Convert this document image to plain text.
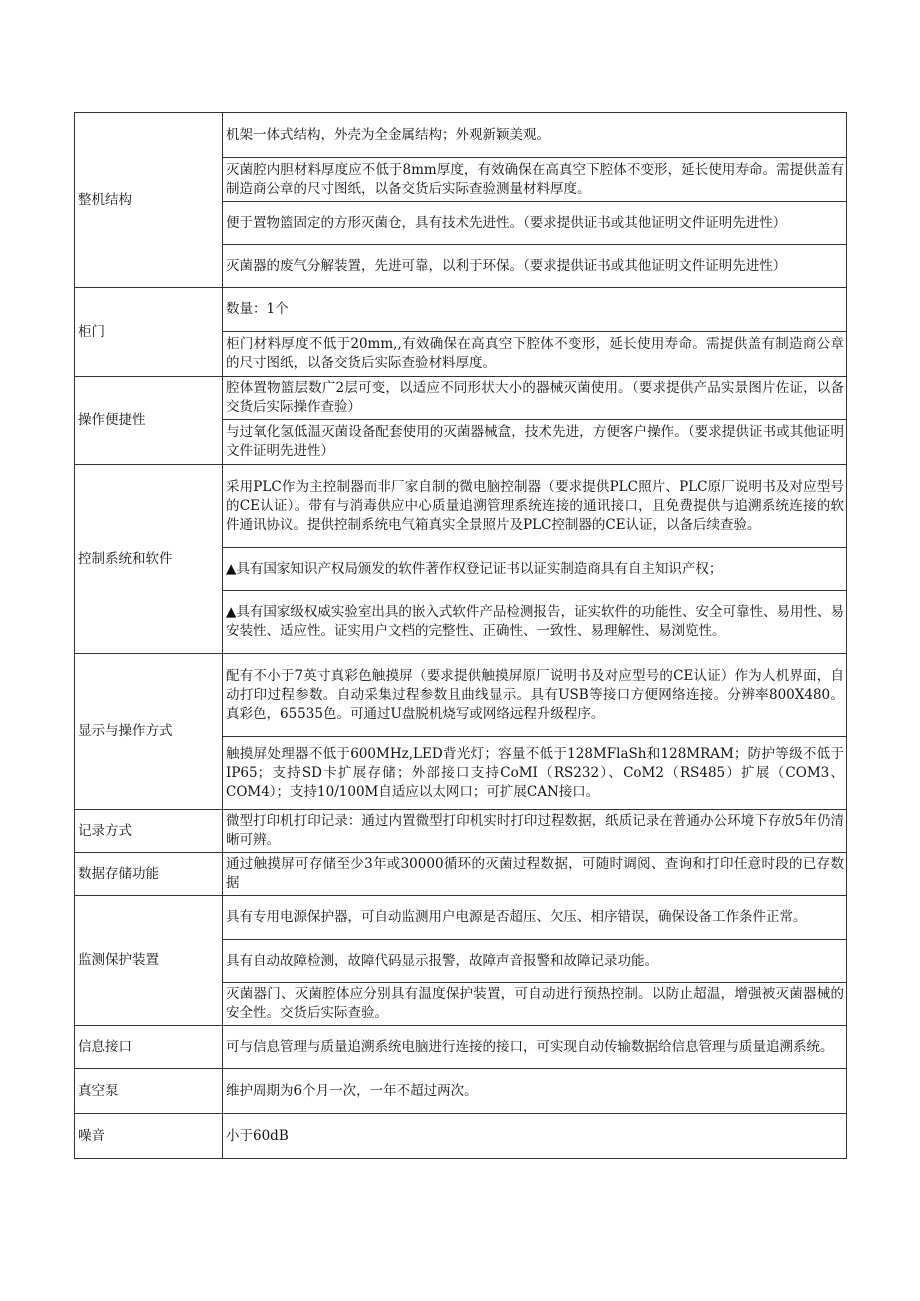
整机结构	机架一体式结构，外壳为全金属结构；外观新颖美观。
	灭菌腔内胆材料厚度应不低于8mm厚度，有效确保在高真空下腔体不变形，延长使用寿命。需提供盖有制造商公章的尺寸图纸，以备交货后实际查验测量材料厚度。
	便于置物篮固定的方形灭菌仓，具有技术先进性。（要求提供证书或其他证明文件证明先进性）
	灭菌器的废气分解装置，先进可靠，以利于环保。（要求提供证书或其他证明文件证明先进性）
柜门	数量：1个
	柜门材料厚度不低于20mm,,有效确保在高真空下腔体不变形，延长使用寿命。需提供盖有制造商公章的尺寸图纸，以备交货后实际查验材料厚度。
操作便捷性	腔体置物篮层数广2层可变，以适应不同形状大小的器械灭菌使用。（要求提供产品实景图片佐证，以备交货后实际操作查验）
	与过氧化氢低温灭菌设备配套使用的灭菌器械盒，技术先进，方便客户操作。（要求提供证书或其他证明文件证明先进性）
控制系统和软件	采用PLC作为主控制器而非厂家自制的微电脑控制器（要求提供PLC照片、PLC原厂说明书及对应型号的CE认证）。带有与消毒供应中心质量追溯管理系统连接的通讯接口，且免费提供与追溯系统连接的软件通讯协议。提供控制系统电气箱真实全景照片及PLC控制器的CE认证，以备后续查验。
	▲具有国家知识产权局颁发的软件著作权登记证书以证实制造商具有自主知识产权；
	▲具有国家级权威实验室出具的嵌入式软件产品检测报告，证实软件的功能性、安全可靠性、易用性、易安装性、适应性。证实用户文档的完整性、正确性、一致性、易理解性、易浏览性。
显示与操作方式	配有不小于7英寸真彩色触摸屏（要求提供触摸屏原厂说明书及对应型号的CE认证）作为人机界面，自动打印过程参数。自动采集过程参数且曲线显示。具有USB等接口方便网络连接。分辨率800X480。真彩色，65535色。可通过U盘脱机烧写或网络远程升级程序。
	触摸屏处理器不低于600MHz,LED背光灯；容量不低于128MFlaSh和128MRAM；防护等级不低于IP65；支持SD卡扩展存储；外部接口支持CoMI（RS232）、CoM2（RS485）扩展（COM3、COM4）；支持10/100M自适应以太网口；可扩展CAN接口。
记录方式	微型打印机打印记录：通过内置微型打印机实时打印过程数据，纸质记录在普通办公环境下存放5年仍清晰可辨。
数据存储功能	通过触摸屏可存储至少3年或30000循环的灭菌过程数据，可随时调阅、查询和打印任意时段的已存数据
监测保护装置	具有专用电源保护器，可自动监测用户电源是否超压、欠压、相序错误，确保设备工作条件正常。
	具有自动故障检测，故障代码显示报警，故障声音报警和故障记录功能。
	灭菌器门、灭菌腔体应分别具有温度保护装置，可自动进行预热控制。以防止超温，增强被灭菌器械的安全性。交货后实际查验。
信息接口	可与信息管理与质量追溯系统电脑进行连接的接口，可实现自动传输数据给信息管理与质量追溯系统。
真空泵	维护周期为6个月一次，一年不超过两次。
噪音	小于60dB
